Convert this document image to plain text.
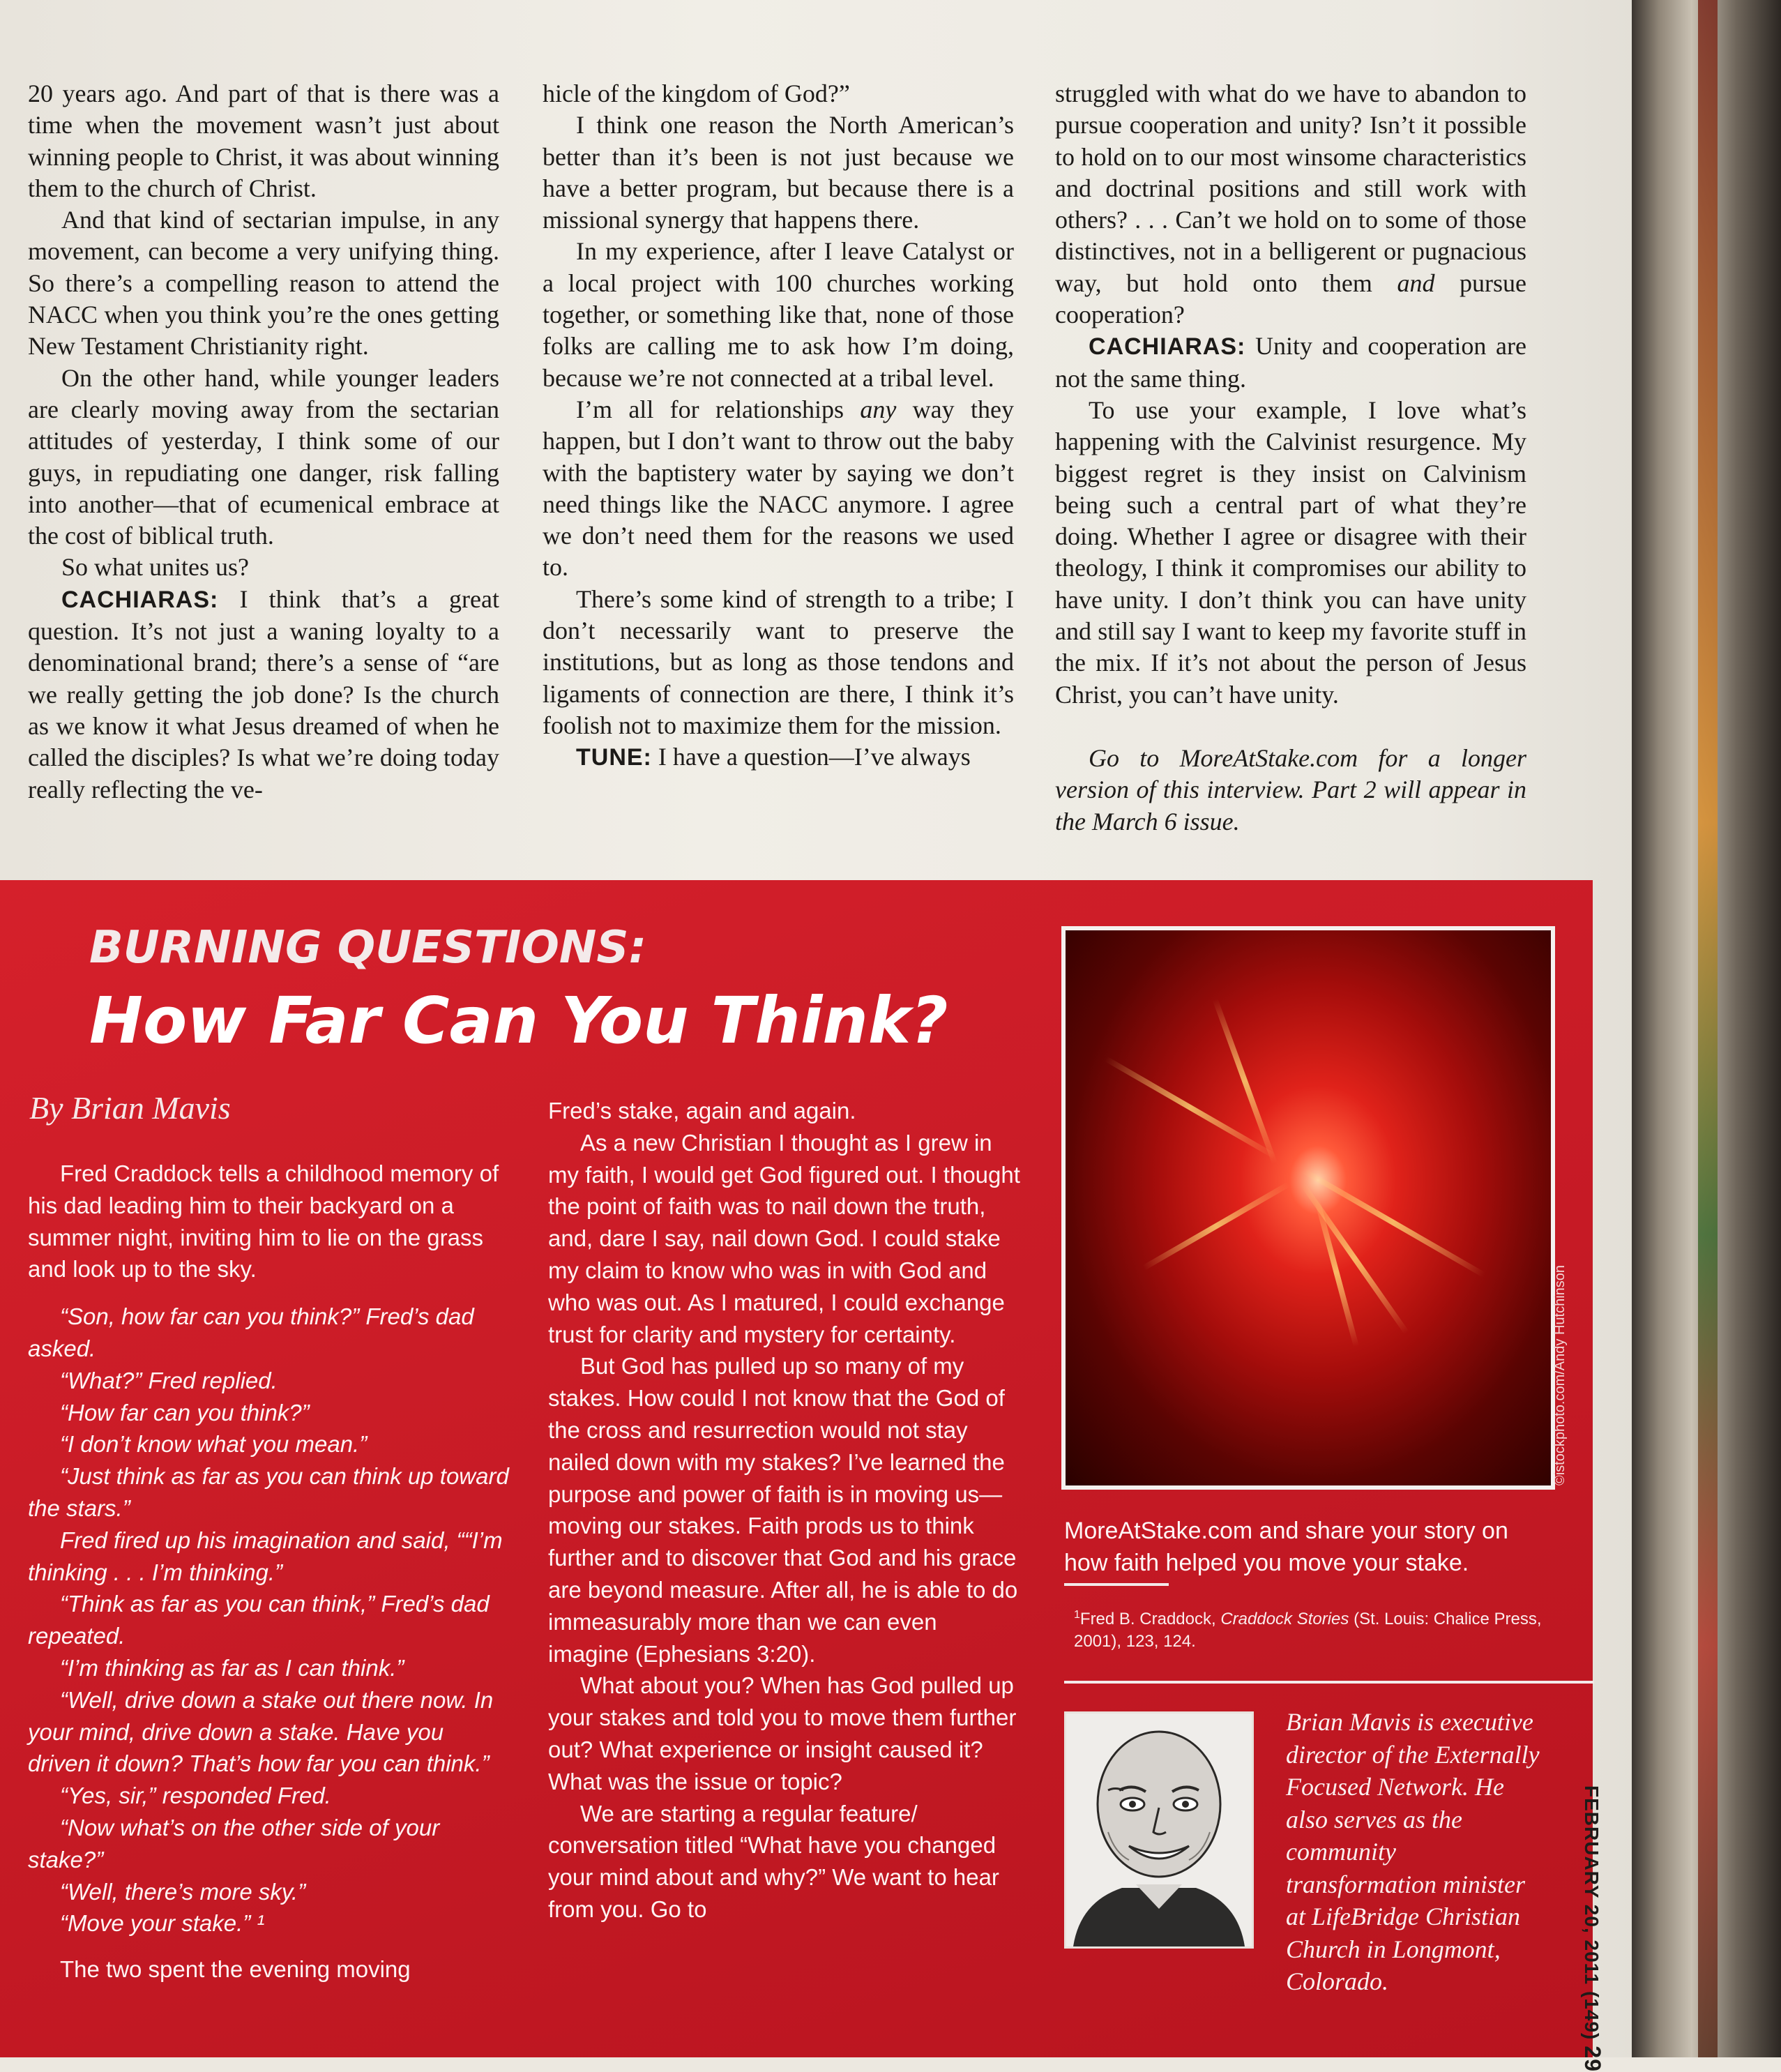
20 years ago. And part of that is there was a time when the movement wasn’t just about winning people to Christ, it was about winning them to the church of Christ.

And that kind of sectarian impulse, in any movement, can become a very unifying thing. So there’s a compelling reason to attend the NACC when you think you’re the ones getting New Testament Christianity right.

On the other hand, while younger leaders are clearly moving away from the sectarian attitudes of yesterday, I think some of our guys, in repudiating one danger, risk falling into another—that of ecumenical embrace at the cost of biblical truth.

So what unites us?

CACHIARAS: I think that’s a great question. It’s not just a waning loyalty to a denominational brand; there’s a sense of “are we really getting the job done? Is the church as we know it what Jesus dreamed of when he called the disciples? Is what we’re doing today really reflecting the ve-

hicle of the kingdom of God?”

I think one reason the North American’s better than it’s been is not just because we have a better program, but because there is a missional synergy that happens there.

In my experience, after I leave Catalyst or a local project with 100 churches working together, or something like that, none of those folks are calling me to ask how I’m doing, because we’re not connected at a tribal level.

I’m all for relationships any way they happen, but I don’t want to throw out the baby with the baptistery water by saying we don’t need things like the NACC anymore. I agree we don’t need them for the reasons we used to.

There’s some kind of strength to a tribe; I don’t necessarily want to preserve the institutions, but as long as those tendons and ligaments of connection are there, I think it’s foolish not to maximize them for the mission.

TUNE: I have a question—I’ve always

struggled with what do we have to abandon to pursue cooperation and unity? Isn’t it possible to hold on to our most winsome characteristics and doctrinal positions and still work with others? . . . Can’t we hold on to some of those distinctives, not in a belligerent or pugnacious way, but hold onto them and pursue cooperation?

CACHIARAS: Unity and cooperation are not the same thing.

To use your example, I love what’s happening with the Calvinist resurgence. My biggest regret is they insist on Calvinism being such a central part of what they’re doing. Whether I agree or disagree with their theology, I think it compromises our ability to have unity. I don’t think you can have unity and still say I want to keep my favorite stuff in the mix. If it’s not about the person of Jesus Christ, you can’t have unity.

Go to MoreAtStake.com for a longer version of this interview. Part 2 will appear in the March 6 issue.

BURNING QUESTIONS:
How Far Can You Think?
By Brian Mavis

Fred Craddock tells a childhood memory of his dad leading him to their backyard on a summer night, inviting him to lie on the grass and look up to the sky.

“Son, how far can you think?” Fred’s dad asked.

“What?” Fred replied.

“How far can you think?”

“I don’t know what you mean.”

“Just think as far as you can think up toward the stars.”

Fred fired up his imagination and said, ““I’m thinking . . . I’m thinking.”

“Think as far as you can think,” Fred’s dad repeated.

“I’m thinking as far as I can think.”

“Well, drive down a stake out there now. In your mind, drive down a stake. Have you driven it down? That’s how far you can think.”

“Yes, sir,” responded Fred.

“Now what’s on the other side of your stake?”

“Well, there’s more sky.”

“Move your stake.” ¹

The two spent the evening moving

Fred’s stake, again and again.

As a new Christian I thought as I grew in my faith, I would get God figured out. I thought the point of faith was to nail down the truth, and, dare I say, nail down God. I could stake my claim to know who was in with God and who was out. As I matured, I could exchange trust for clarity and mystery for certainty.

But God has pulled up so many of my stakes. How could I not know that the God of the cross and resurrection would not stay nailed down with my stakes? I’ve learned the purpose and power of faith is in moving us—moving our stakes. Faith prods us to think further and to discover that God and his grace are beyond measure. After all, he is able to do immeasurably more than we can even imagine (Ephesians 3:20).

What about you? When has God pulled up your stakes and told you to move them further out? What experience or insight caused it? What was the issue or topic?

We are starting a regular feature/ conversation titled “What have you changed your mind about and why?” We want to hear from you. Go to

©istockphoto.com/Andy Hutchinson
MoreAtStake.com and share your story on how faith helped you move your stake.
$^1$Fred B. Craddock, Craddock Stories (St. Louis: Chalice Press, 2001), 123, 124.
Brian Mavis is executive director of the Externally Focused Network. He also serves as the community transformation minister at LifeBridge Christian Church in Longmont, Colorado.	FEBRUARY 20, 2011 (149)29
